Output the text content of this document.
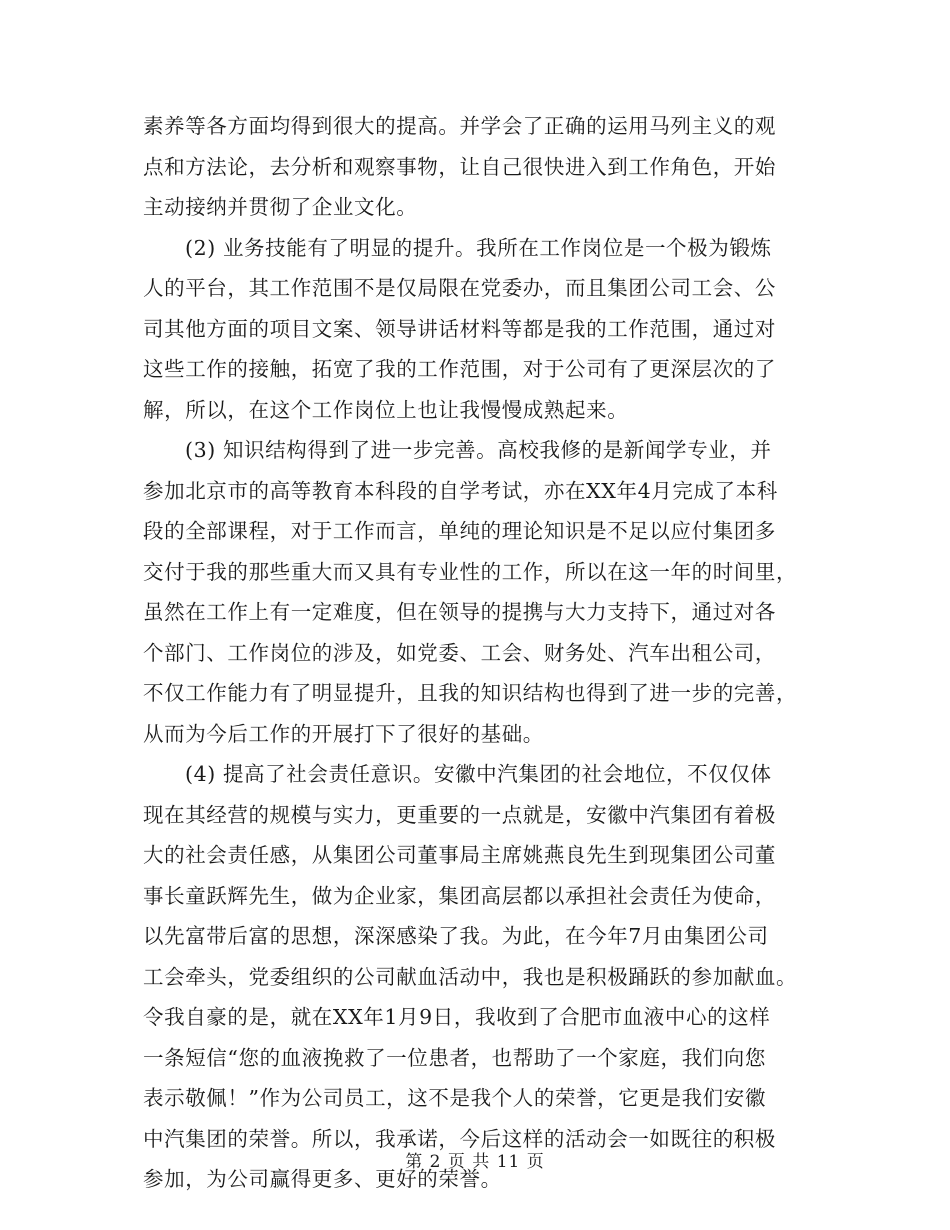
素养等各方面均得到很大的提高。并学会了正确的运用马列主义的观
点和方法论，去分析和观察事物，让自己很快进入到工作角色，开始
主动接纳并贯彻了企业文化。
(2) 业务技能有了明显的提升。我所在工作岗位是一个极为锻炼
人的平台，其工作范围不是仅局限在党委办，而且集团公司工会、公
司其他方面的项目文案、领导讲话材料等都是我的工作范围，通过对
这些工作的接触，拓宽了我的工作范围，对于公司有了更深层次的了
解，所以，在这个工作岗位上也让我慢慢成熟起来。
(3) 知识结构得到了进一步完善。高校我修的是新闻学专业，并
参加北京市的高等教育本科段的自学考试，亦在XX年4月完成了本科
段的全部课程，对于工作而言，单纯的理论知识是不足以应付集团多
交付于我的那些重大而又具有专业性的工作，所以在这一年的时间里，
虽然在工作上有一定难度，但在领导的提携与大力支持下，通过对各
个部门、工作岗位的涉及，如党委、工会、财务处、汽车出租公司，
不仅工作能力有了明显提升，且我的知识结构也得到了进一步的完善，
从而为今后工作的开展打下了很好的基础。
(4) 提高了社会责任意识。安徽中汽集团的社会地位，不仅仅体
现在其经营的规模与实力，更重要的一点就是，安徽中汽集团有着极
大的社会责任感，从集团公司董事局主席姚燕良先生到现集团公司董
事长童跃辉先生，做为企业家，集团高层都以承担社会责任为使命，
以先富带后富的思想，深深感染了我。为此，在今年7月由集团公司
工会牵头，党委组织的公司献血活动中，我也是积极踊跃的参加献血。
令我自豪的是，就在XX年1月9日，我收到了合肥市血液中心的这样
一条短信“您的血液挽救了一位患者，也帮助了一个家庭，我们向您
表示敬佩！”作为公司员工，这不是我个人的荣誉，它更是我们安徽
中汽集团的荣誉。所以，我承诺，今后这样的活动会一如既往的积极
参加，为公司赢得更多、更好的荣誉。
第 2 页 共 11 页
